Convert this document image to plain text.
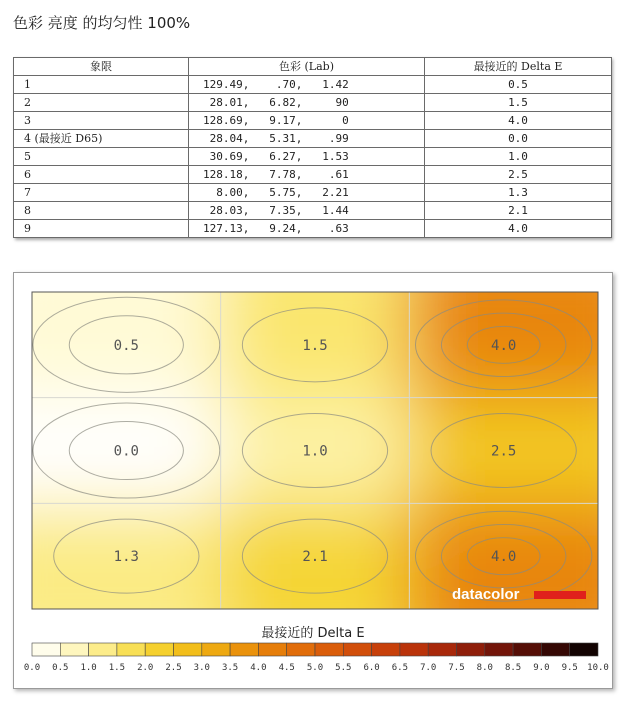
色彩 亮度 的均匀性 100%
象限	色彩 (Lab)	最接近的 Delta E
1	129.49,    .70,   1.42	0.5
2	28.01,   6.82,     90	1.5
3	128.69,   9.17,      0	4.0
4 (最接近 D65)	28.04,   5.31,    .99	0.0
5	30.69,   6.27,   1.53	1.0
6	128.18,   7.78,    .61	2.5
7	8.00,   5.75,   2.21	1.3
8	28.03,   7.35,   1.44	2.1
9	127.13,   9.24,    .63	4.0
0.5	1.5	4.0
0.0	1.0	2.5
1.3	2.1	4.0
datacolor
最接近的 Delta E
0.0 0.5 1.0 1.5 2.0 2.5 3.0 3.5 4.0 4.5 5.0 5.5 6.0 6.5 7.0 7.5 8.0 8.5 9.0 9.5 10.0
